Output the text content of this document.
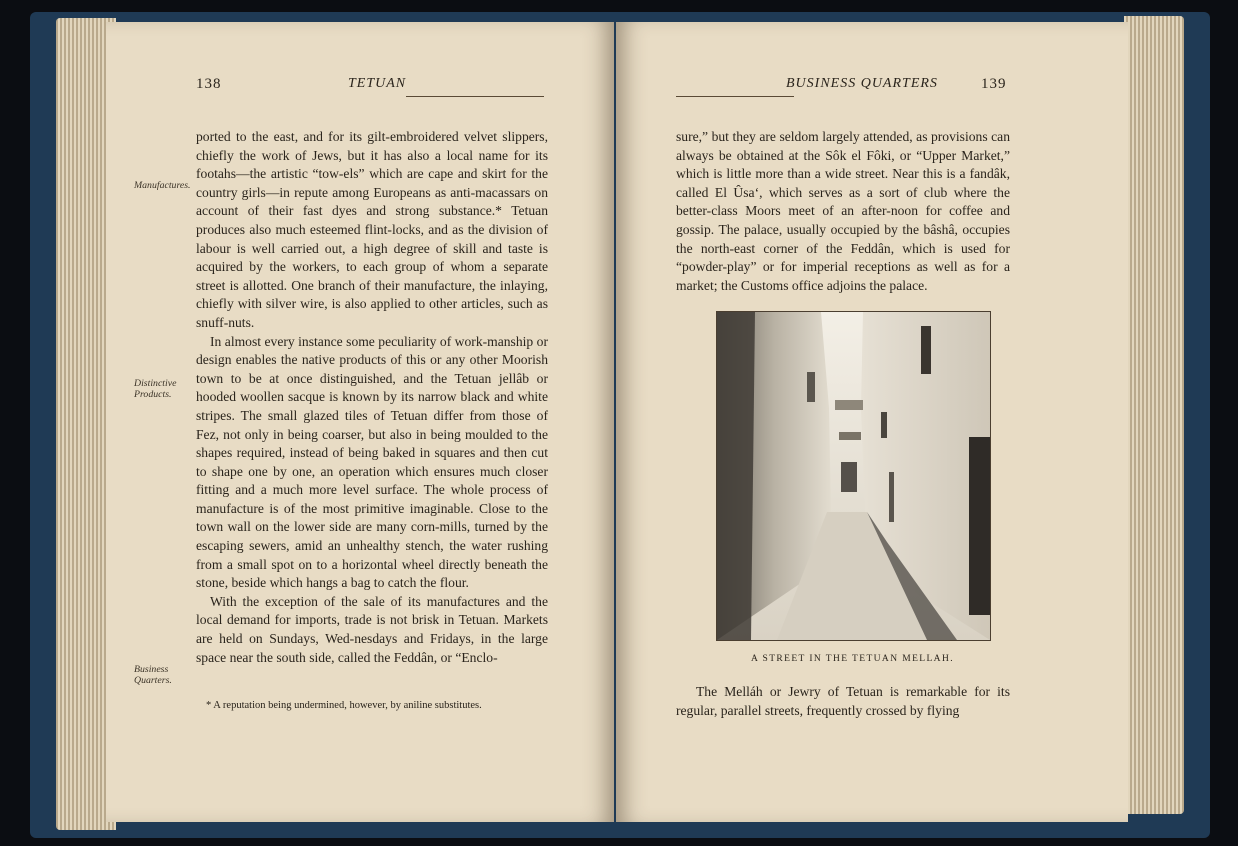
138	TETUAN

ported to the east, and for its gilt-embroidered velvet slippers, chiefly the work of Jews, but it has also a local name for its footahs—the artistic “tow-els” which are cape and skirt for the country girls—in repute among Europeans as anti-macassars on account of their fast dyes and strong substance.* Tetuan produces also much esteemed flint-locks, and as the division of labour is well carried out, a high degree of skill and taste is acquired by the workers, to each group of whom a separate street is allotted. One branch of their manufacture, the inlaying, chiefly with silver wire, is also applied to other articles, such as snuff-nuts.

In almost every instance some peculiarity of work-manship or design enables the native products of this or any other Moorish town to be at once distinguished, and the Tetuan jellâb or hooded woollen sacque is known by its narrow black and white stripes. The small glazed tiles of Tetuan differ from those of Fez, not only in being coarser, but also in being moulded to the shapes required, instead of being baked in squares and then cut to shape one by one, an operation which ensures much closer fitting and a much more level surface. The whole process of manufacture is of the most primitive imaginable. Close to the town wall on the lower side are many corn-mills, turned by the escaping sewers, amid an unhealthy stench, the water rushing from a small spot on to a horizontal wheel directly beneath the stone, beside which hangs a bag to catch the flour.

With the exception of the sale of its manufactures and the local demand for imports, trade is not brisk in Tetuan. Markets are held on Sundays, Wed-nesdays and Fridays, in the large space near the south side, called the Feddân, or “Enclo-

Manufactures.
Distinctive
Products.
Business
Quarters.
* A reputation being undermined, however, by aniline substitutes.
BUSINESS QUARTERS	139

sure,” but they are seldom largely attended, as provisions can always be obtained at the Sôk el Fôki, or “Upper Market,” which is little more than a wide street. Near this is a fandâk, called El Ûsa‘, which serves as a sort of club where the better-class Moors meet of an after-noon for coffee and gossip. The palace, usually occupied by the bâshâ, occupies the north-east corner of the Feddân, which is used for “powder-play” or for imperial receptions as well as for a market; the Customs office adjoins the palace.

A STREET IN THE TETUAN MELLAH.

The Melláh or Jewry of Tetuan is remarkable for its regular, parallel streets, frequently crossed by flying
